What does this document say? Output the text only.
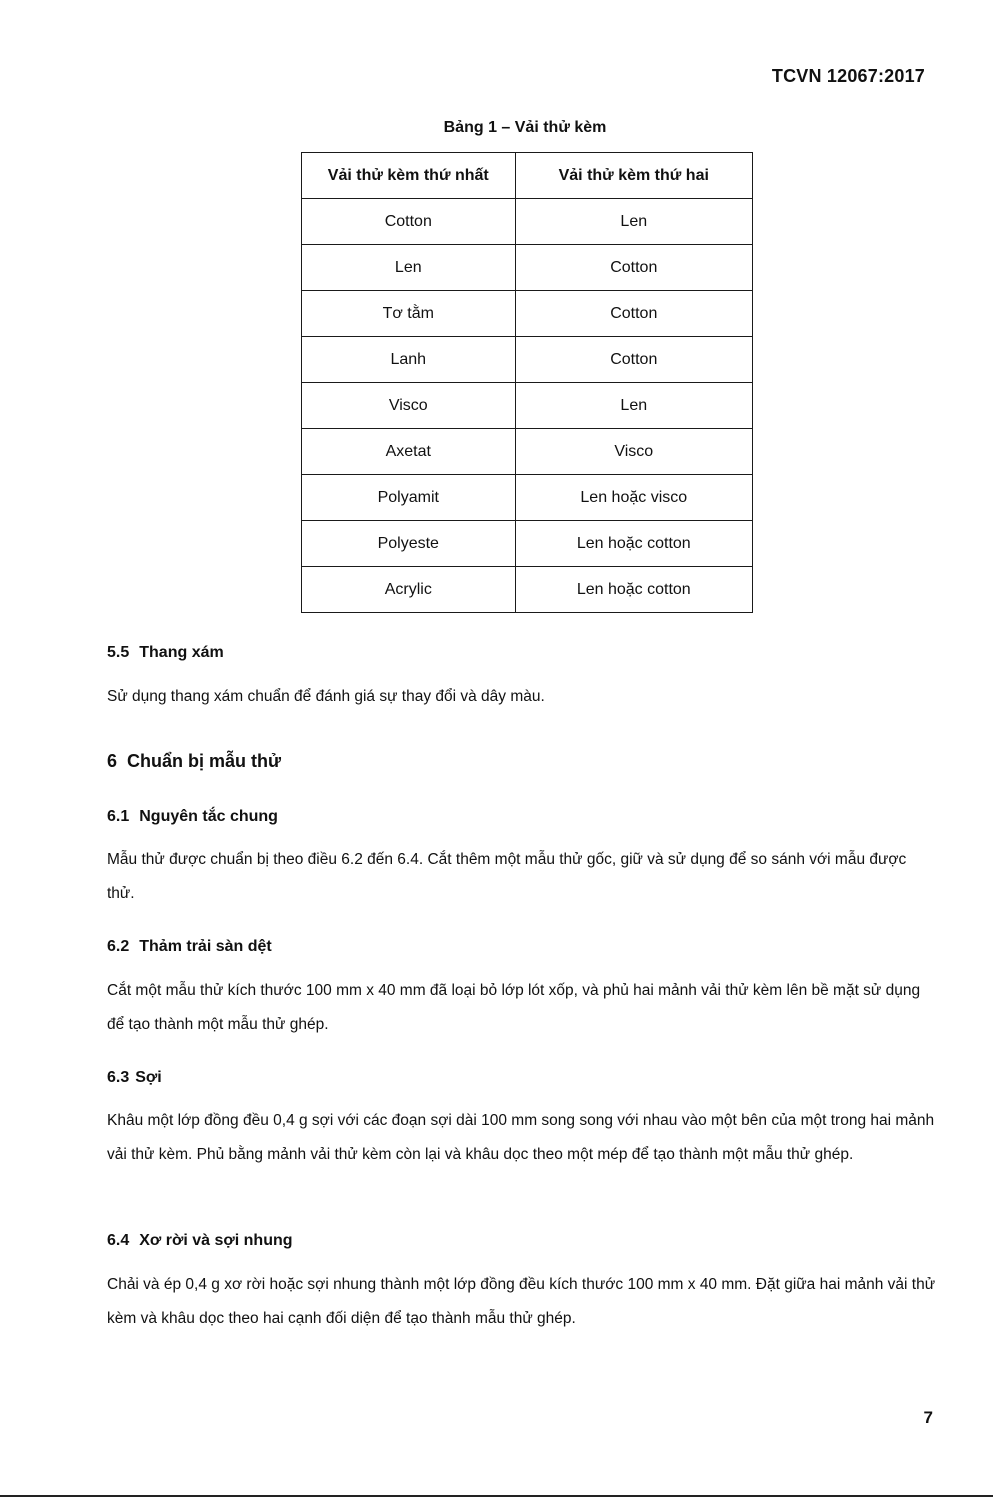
TCVN 12067:2017
Bảng 1 – Vải thử kèm
Vải thử kèm thứ nhất	Vải thử kèm thứ hai
Cotton	Len
Len	Cotton
Tơ tằm	Cotton
Lanh	Cotton
Visco	Len
Axetat	Visco
Polyamit	Len hoặc visco
Polyeste	Len hoặc cotton
Acrylic	Len hoặc cotton
5.5 Thang xám
Sử dụng thang xám chuẩn để đánh giá sự thay đổi và dây màu.
6 Chuẩn bị mẫu thử
6.1 Nguyên tắc chung
Mẫu thử được chuẩn bị theo điều 6.2 đến 6.4. Cắt thêm một mẫu thử gốc, giữ và sử dụng để so sánh với mẫu được thử.
6.2 Thảm trải sàn dệt
Cắt một mẫu thử kích thước 100 mm x 40 mm đã loại bỏ lớp lót xốp, và phủ hai mảnh vải thử kèm lên bề mặt sử dụng để tạo thành một mẫu thử ghép.
6.3 Sợi
Khâu một lớp đồng đều 0,4 g sợi với các đoạn sợi dài 100 mm song song với nhau vào một bên của một trong hai mảnh vải thử kèm. Phủ bằng mảnh vải thử kèm còn lại và khâu dọc theo một mép để tạo thành một mẫu thử ghép.
6.4 Xơ rời và sợi nhung
Chải và ép 0,4 g xơ rời hoặc sợi nhung thành một lớp đồng đều kích thước 100 mm x 40 mm. Đặt giữa hai mảnh vải thử kèm và khâu dọc theo hai cạnh đối diện để tạo thành mẫu thử ghép.
7
